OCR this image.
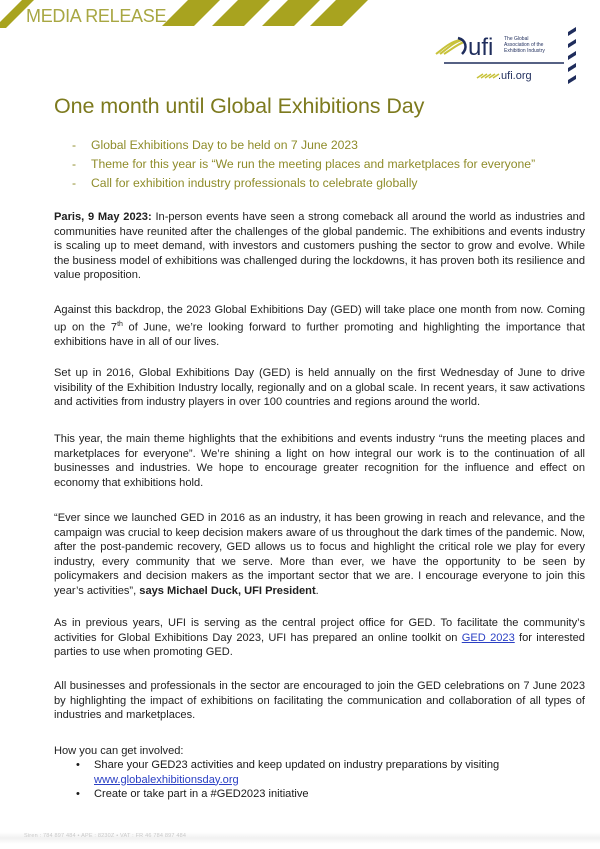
MEDIA RELEASE
ufi The Global
Association of the
Exhibition Industry
.ufi.org
One month until Global Exhibitions Day
- Global Exhibitions Day to be held on 7 June 2023
- Theme for this year is “We run the meeting places and marketplaces for everyone”
- Call for exhibition industry professionals to celebrate globally

Paris, 9 May 2023: In-person events have seen a strong comeback all around the world as industries and communities have reunited after the challenges of the global pandemic. The exhibitions and events industry is scaling up to meet demand, with investors and customers pushing the sector to grow and evolve. While the business model of exhibitions was challenged during the lockdowns, it has proven both its resilience and value proposition.

Against this backdrop, the 2023 Global Exhibitions Day (GED) will take place one month from now. Coming up on the 7th of June, we’re looking forward to further promoting and highlighting the importance that exhibitions have in all of our lives.

Set up in 2016, Global Exhibitions Day (GED) is held annually on the first Wednesday of June to drive visibility of the Exhibition Industry locally, regionally and on a global scale. In recent years, it saw activations and activities from industry players in over 100 countries and regions around the world.

This year, the main theme highlights that the exhibitions and events industry “runs the meeting places and marketplaces for everyone”. We’re shining a light on how integral our work is to the continuation of all businesses and industries. We hope to encourage greater recognition for the influence and effect on economy that exhibitions hold.

“Ever since we launched GED in 2016 as an industry, it has been growing in reach and relevance, and the campaign was crucial to keep decision makers aware of us throughout the dark times of the pandemic. Now, after the post-pandemic recovery, GED allows us to focus and highlight the critical role we play for every industry, every community that we serve. More than ever, we have the opportunity to be seen by policymakers and decision makers as the important sector that we are. I encourage everyone to join this year’s activities”, says Michael Duck, UFI President.

As in previous years, UFI is serving as the central project office for GED. To facilitate the community’s activities for Global Exhibitions Day 2023, UFI has prepared an online toolkit on GED 2023 for interested parties to use when promoting GED.

All businesses and professionals in the sector are encouraged to join the GED celebrations on 7 June 2023 by highlighting the impact of exhibitions on facilitating the communication and collaboration of all types of industries and marketplaces.

How you can get involved:

• Share your GED23 activities and keep updated on industry preparations by visiting
www.globalexhibitionsday.org
• Create or take part in a #GED2023 initiative
Siren : 784 897 484 • APE : 8230Z • VAT : FR 46 784 897 484
